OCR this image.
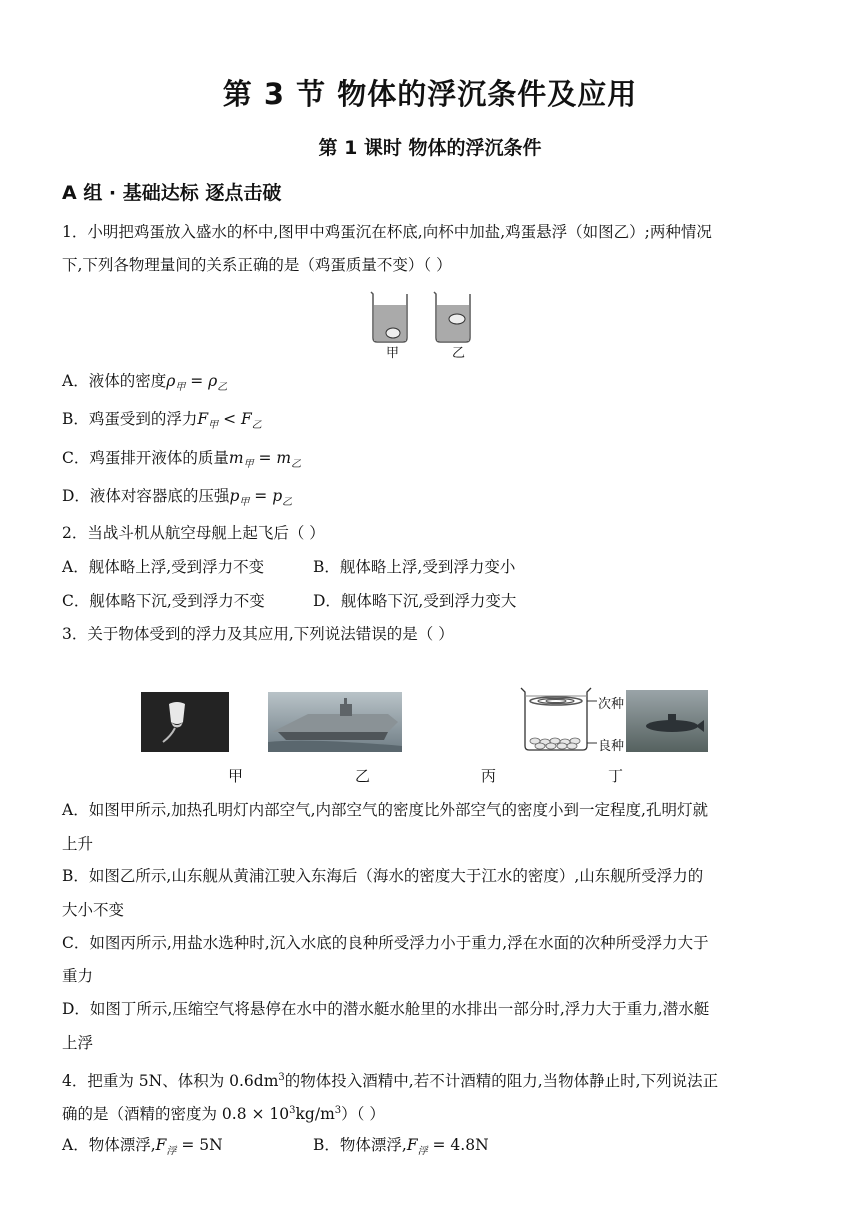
第 3 节 物体的浮沉条件及应用
第 1 课时 物体的浮沉条件
A 组 · 基础达标 逐点击破
1．小明把鸡蛋放入盛水的杯中,图甲中鸡蛋沉在杯底,向杯中加盐,鸡蛋悬浮（如图乙）;两种情况
下,下列各物理量间的关系正确的是（鸡蛋质量不变）（ ）
甲	乙
A．液体的密度$\rho_甲 = \rho_乙$
B．鸡蛋受到的浮力$F_甲 < F_乙$
C．鸡蛋排开液体的质量$m_甲 = m_乙$
D．液体对容器底的压强$p_甲 = p_乙$
2．当战斗机从航空母舰上起飞后（ ）
A．舰体略上浮,受到浮力不变	B．舰体略上浮,受到浮力变小
C．舰体略下沉,受到浮力不变	D．舰体略下沉,受到浮力变大
3．关于物体受到的浮力及其应用,下列说法错误的是（ ）
次种
良种
甲	乙	丙	丁
A．如图甲所示,加热孔明灯内部空气,内部空气的密度比外部空气的密度小到一定程度,孔明灯就
上升
B．如图乙所示,山东舰从黄浦江驶入东海后（海水的密度大于江水的密度）,山东舰所受浮力的
大小不变
C．如图丙所示,用盐水选种时,沉入水底的良种所受浮力小于重力,浮在水面的次种所受浮力大于
重力
D．如图丁所示,压缩空气将悬停在水中的潜水艇水舱里的水排出一部分时,浮力大于重力,潜水艇
上浮
4．把重为 5N、体积为 $0.6dm^3$的物体投入酒精中,若不计酒精的阻力,当物体静止时,下列说法正
确的是（酒精的密度为 $0.8 \times 10^3kg/m^3$）（ ）
A．物体漂浮$,F_浮 = 5N$	B．物体漂浮$,F_浮 = 4.8N$
